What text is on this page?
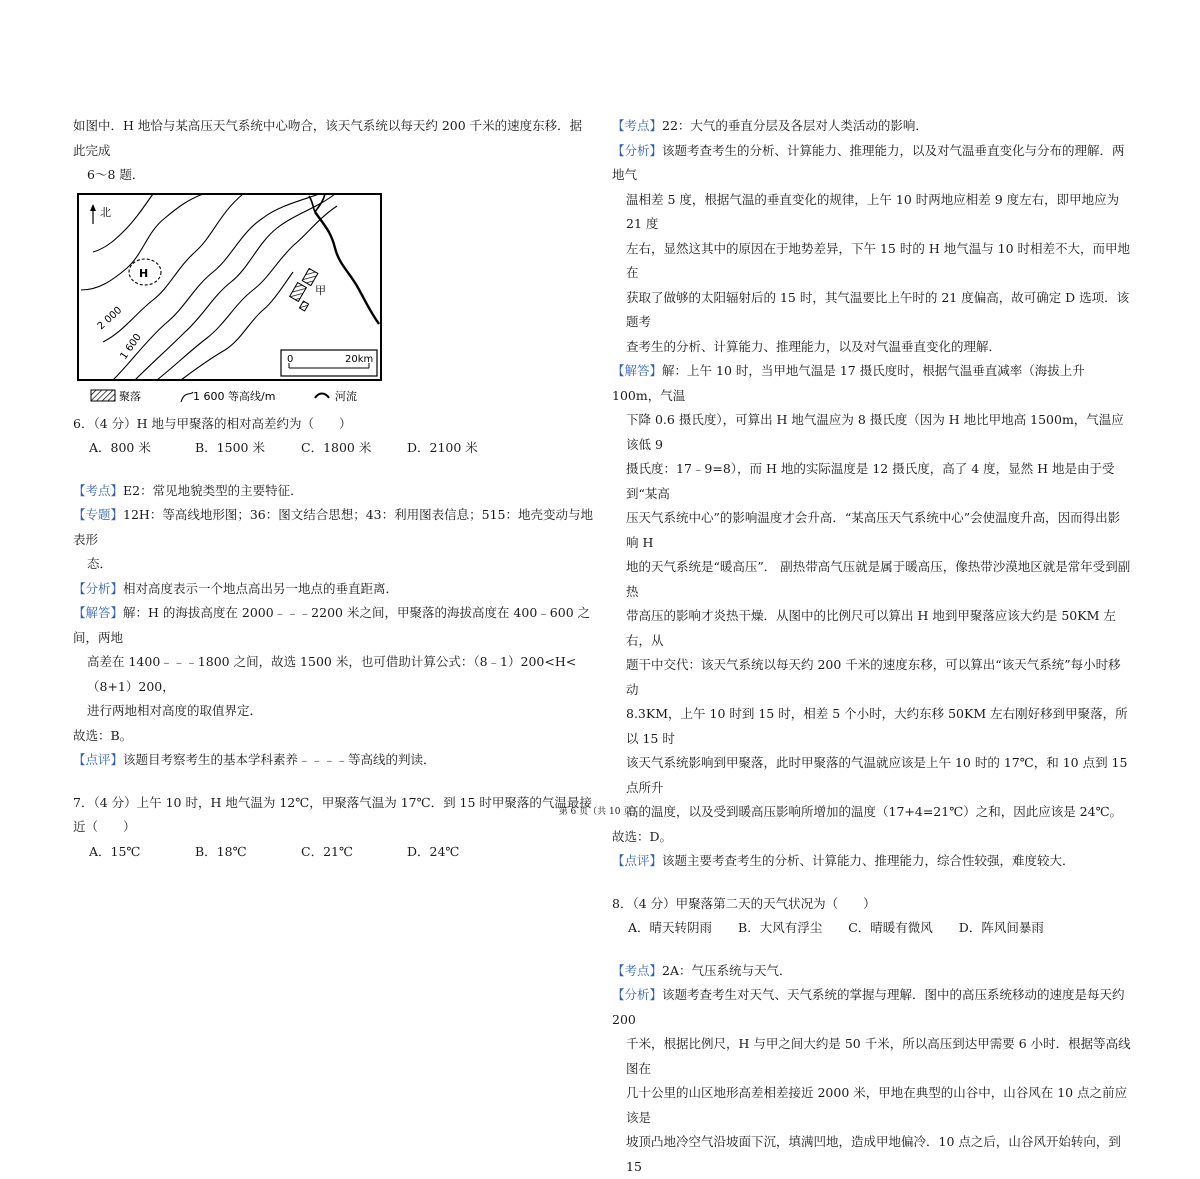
如图中．H 地恰与某高压天气系统中心吻合，该天气系统以每天约 200 千米的速度东移．据此完成

6～8 题．

北
H
2 000
1 600
甲
0	20km
聚落	1 600 等高线/m	河流

6．（4 分）H 地与甲聚落的相对高差约为（　　）

A．800 米	B．1500 米	C．1800 米	D．2100 米

【考点】E2：常见地貌类型的主要特征．

【专题】12H：等高线地形图；36：图文结合思想；43：利用图表信息；515：地壳变动与地表形

态．

【分析】相对高度表示一个地点高出另一地点的垂直距离．

【解答】解：H 的海拔高度在 2000﹣﹣﹣2200 米之间，甲聚落的海拔高度在 400﹣600 之间，两地

高差在 1400﹣﹣﹣1800 之间，故选 1500 米，也可借助计算公式：（8﹣1）200<H<（8+1）200，

进行两地相对高度的取值界定．

故选：B。

【点评】该题目考察考生的基本学科素养﹣﹣﹣﹣等高线的判读．

7．（4 分）上午 10 时，H 地气温为 12℃，甲聚落气温为 17℃．到 15 时甲聚落的气温最接近（　　）

A．15℃	B．18℃	C．21℃	D．24℃

【考点】22：大气的垂直分层及各层对人类活动的影响．

【分析】该题考查考生的分析、计算能力、推理能力，以及对气温垂直变化与分布的理解．两地气

温相差 5 度，根据气温的垂直变化的规律，上午 10 时两地应相差 9 度左右，即甲地应为 21 度

左右，显然这其中的原因在于地势差异，下午 15 时的 H 地气温与 10 时相差不大，而甲地在

获取了做够的太阳辐射后的 15 时，其气温要比上午时的 21 度偏高，故可确定 D 选项．该题考

查考生的分析、计算能力、推理能力，以及对气温垂直变化的理解．

【解答】解：上午 10 时，当甲地气温是 17 摄氏度时，根据气温垂直减率（海拔上升 100m，气温

下降 0.6 摄氏度），可算出 H 地气温应为 8 摄氏度（因为 H 地比甲地高 1500m，气温应该低 9

摄氏度：17﹣9=8），而 H 地的实际温度是 12 摄氏度，高了 4 度，显然 H 地是由于受到“某高

压天气系统中心”的影响温度才会升高．“某高压天气系统中心”会使温度升高，因而得出影响 H

地的天气系统是“暖高压”． 副热带高气压就是属于暖高压，像热带沙漠地区就是常年受到副热

带高压的影响才炎热干燥．从图中的比例尺可以算出 H 地到甲聚落应该大约是 50KM 左右，从

题干中交代：该天气系统以每天约 200 千米的速度东移，可以算出“该天气系统”每小时移动

8.3KM，上午 10 时到 15 时，相差 5 个小时，大约东移 50KM 左右刚好移到甲聚落，所以 15 时

该天气系统影响到甲聚落，此时甲聚落的气温就应该是上午 10 时的 17℃，和 10 点到 15 点所升

高的温度，以及受到暖高压影响所增加的温度（17+4=21℃）之和，因此应该是 24℃。

故选：D。

【点评】该题主要考查考生的分析、计算能力、推理能力，综合性较强，难度较大．

8．（4 分）甲聚落第二天的天气状况为（　　）

A．晴天转阴雨 B．大风有浮尘 C．晴暖有微风 D．阵风间暴雨

【考点】2A：气压系统与天气．

【分析】该题考查考生对天气、天气系统的掌握与理解．图中的高压系统移动的速度是每天约 200

千米，根据比例尺，H 与甲之间大约是 50 千米，所以高压到达甲需要 6 小时．根据等高线图在

几十公里的山区地形高差相差接近 2000 米，甲地在典型的山谷中，山谷风在 10 点之前应该是

坡顶凸地冷空气沿坡面下沉，填满凹地，造成甲地偏冷．10 点之后，山谷风开始转向，到 15

第 6 页（共 10 页）
